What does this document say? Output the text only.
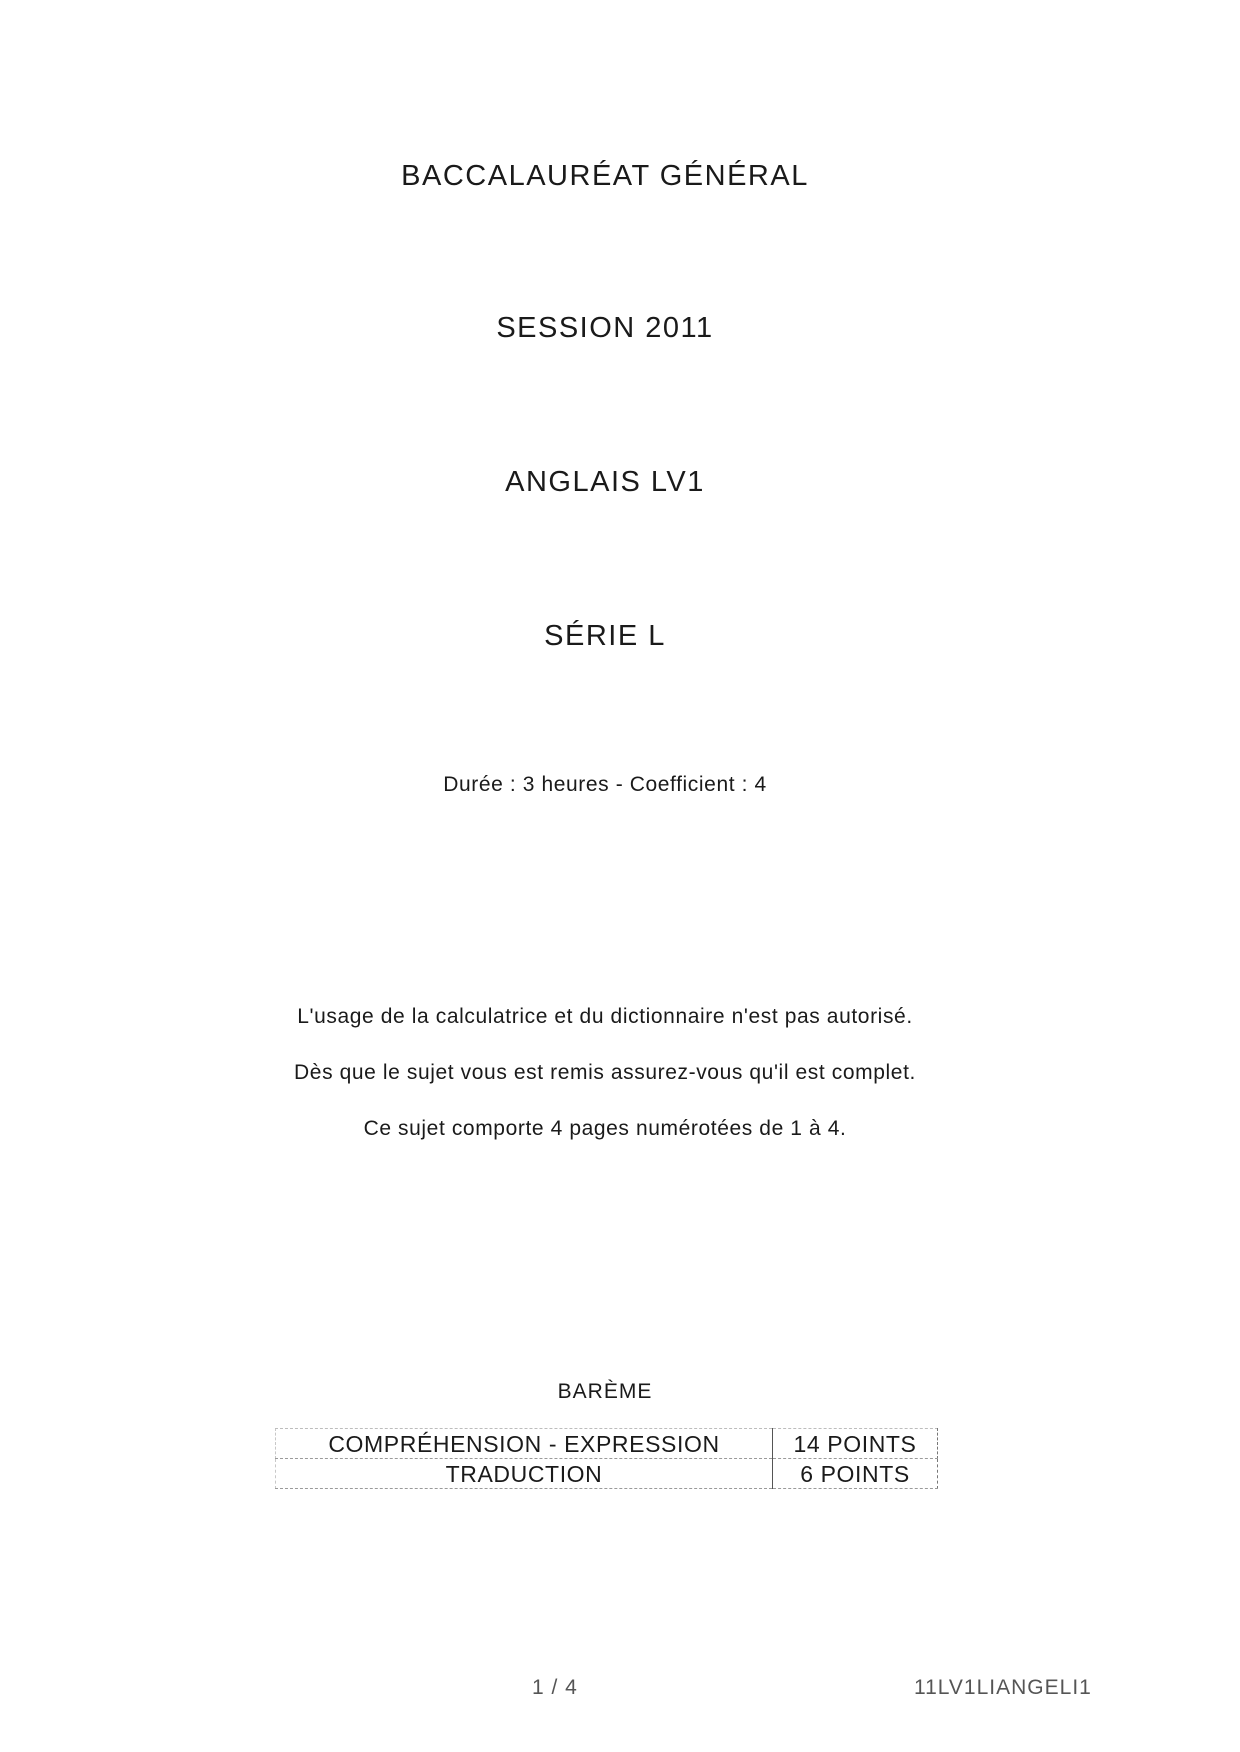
BACCALAURÉAT GÉNÉRAL
SESSION 2011
ANGLAIS LV1
SÉRIE L
Durée : 3 heures - Coefficient : 4
L'usage de la calculatrice et du dictionnaire n'est pas autorisé.
Dès que le sujet vous est remis assurez-vous qu'il est complet.
Ce sujet comporte 4 pages numérotées de 1 à 4.
BARÈME
COMPRÉHENSION - EXPRESSION	14 POINTS
TRADUCTION	6 POINTS
1 / 4	11LV1LIANGELI1
